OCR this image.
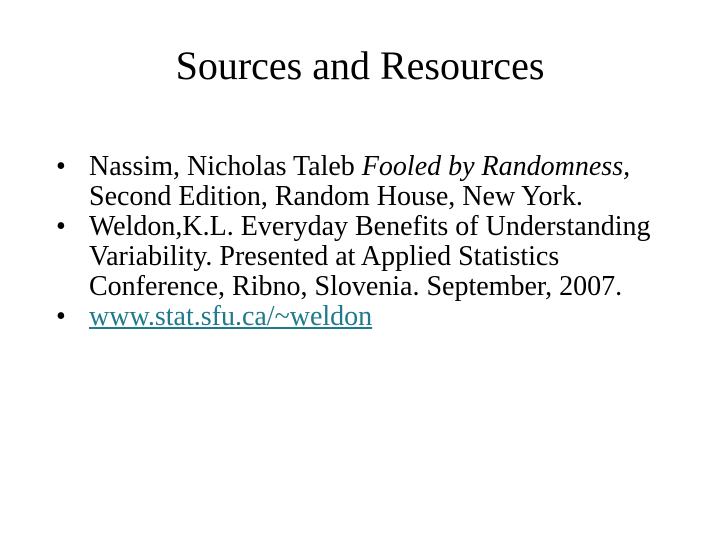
Sources and Resources
• Nassim, Nicholas Taleb Fooled by Randomness, Second Edition, Random House, New York.
• Weldon,K.L. Everyday Benefits of Understanding Variability. Presented at Applied Statistics Conference, Ribno, Slovenia. September, 2007.
• www.stat.sfu.ca/~weldon
